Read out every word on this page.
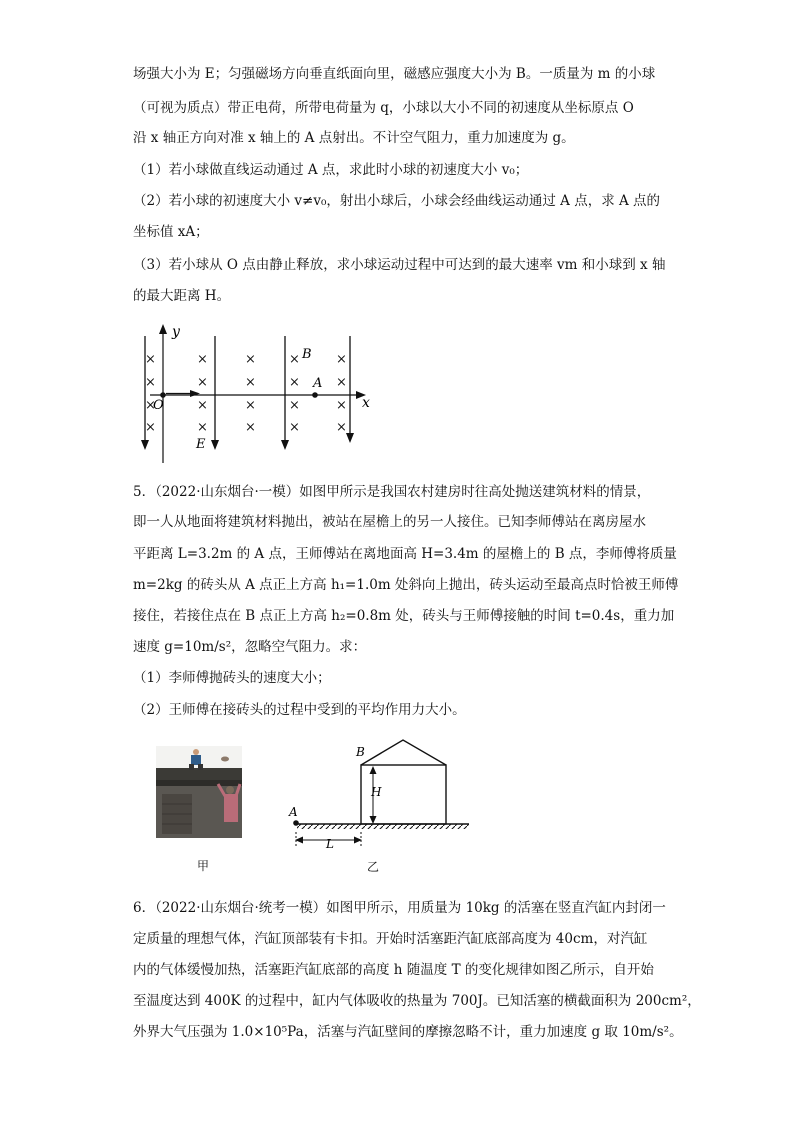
场强大小为 E；匀强磁场方向垂直纸面向里，磁感应强度大小为 B。一质量为 m 的小球

（可视为质点）带正电荷，所带电荷量为 q，小球以大小不同的初速度从坐标原点 O

沿 x 轴正方向对准 x 轴上的 A 点射出。不计空气阻力，重力加速度为 g。

（1）若小球做直线运动通过 A 点，求此时小球的初速度大小 v₀；

（2）若小球的初速度大小 v≠v₀，射出小球后，小球会经曲线运动通过 A 点，求 A 点的

坐标值 xA；

（3）若小球从 O 点由静止释放，求小球运动过程中可达到的最大速率 vm 和小球到 x 轴

的最大距离 H。

y
x
×
×
×
×
×
×
×
×
×
×
×
×
×
×
×
×
×
×
×
×
O
A
B
E

5．（2022·山东烟台·一模）如图甲所示是我国农村建房时往高处抛送建筑材料的情景，

即一人从地面将建筑材料抛出，被站在屋檐上的另一人接住。已知李师傅站在离房屋水

平距离 L=3.2m 的 A 点，王师傅站在离地面高 H=3.4m 的屋檐上的 B 点，李师傅将质量

m=2kg 的砖头从 A 点正上方高 h₁=1.0m 处斜向上抛出，砖头运动至最高点时恰被王师傅

接住，若接住点在 B 点正上方高 h₂=0.8m 处，砖头与王师傅接触的时间 t=0.4s，重力加

速度 g=10m/s²，忽略空气阻力。求：

（1）李师傅抛砖头的速度大小；

（2）王师傅在接砖头的过程中受到的平均作用力大小。

甲
A
B
H
L
乙

6．（2022·山东烟台·统考一模）如图甲所示，用质量为 10kg 的活塞在竖直汽缸内封闭一

定质量的理想气体，汽缸顶部装有卡扣。开始时活塞距汽缸底部高度为 40cm，对汽缸

内的气体缓慢加热，活塞距汽缸底部的高度 h 随温度 T 的变化规律如图乙所示，自开始

至温度达到 400K 的过程中，缸内气体吸收的热量为 700J。已知活塞的横截面积为 200cm²，

外界大气压强为 1.0×10⁵Pa，活塞与汽缸壁间的摩擦忽略不计，重力加速度 g 取 10m/s²。
